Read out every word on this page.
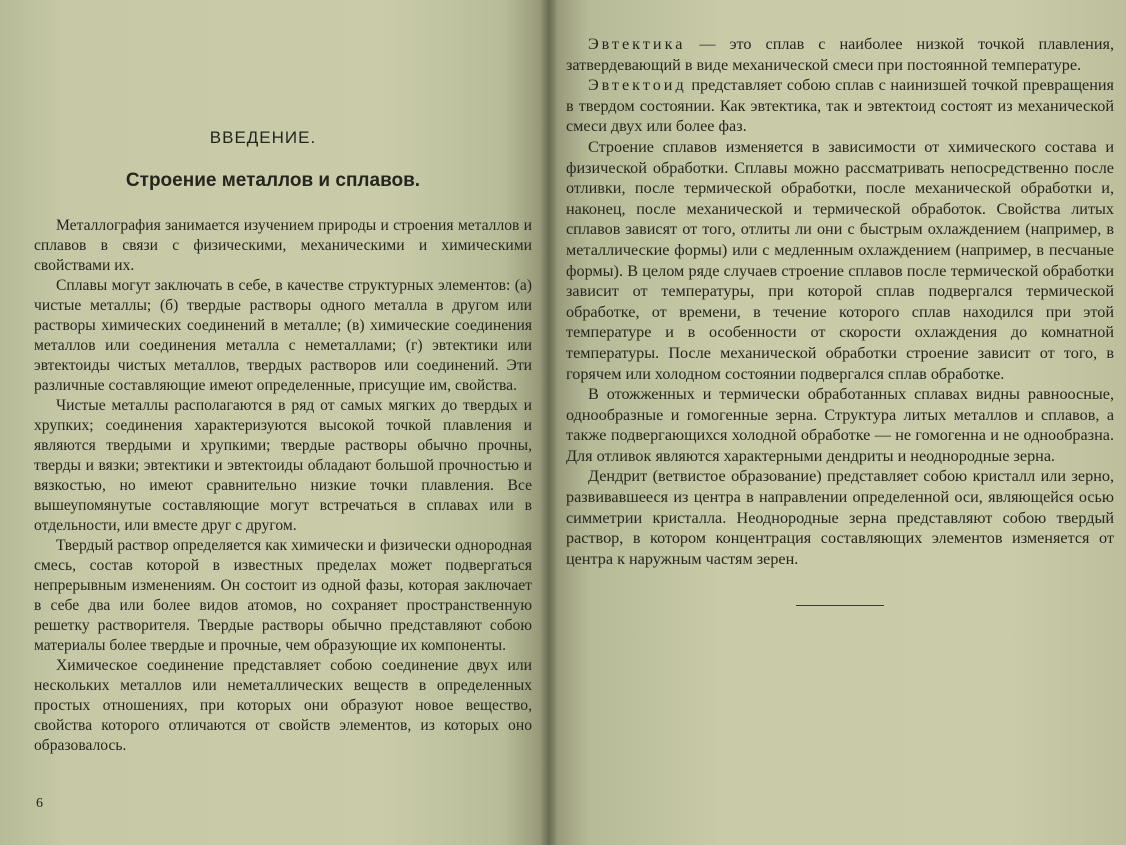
ВВЕДЕНИЕ.
Строение металлов и сплавов.

Металлография занимается изучением природы и строения металлов и сплавов в связи с физическими, механическими и химическими свойствами их.

Сплавы могут заключать в себе, в качестве структурных элементов: (а) чистые металлы; (б) твердые растворы одного металла в другом или растворы химических соединений в металле; (в) химические соединения металлов или соединения металла с неметаллами; (г) эвтектики или эвтектоиды чистых металлов, твердых растворов или соединений. Эти различные составляющие имеют определенные, присущие им, свойства.

Чистые металлы располагаются в ряд от самых мягких до твердых и хрупких; соединения характеризуются высокой точкой плавления и являются твердыми и хрупкими; твердые растворы обычно прочны, тверды и вязки; эвтектики и эвтектоиды обладают большой прочностью и вязкостью, но имеют сравнительно низкие точки плавления. Все вышеупомянутые составляющие могут встречаться в сплавах или в отдельности, или вместе друг с другом.

Твердый раствор определяется как химически и физически однородная смесь, состав которой в известных пределах может подвергаться непрерывным изменениям. Он состоит из одной фазы, которая заключает в себе два или более видов атомов, но сохраняет пространственную решетку растворителя. Твердые растворы обычно представляют собою материалы более твердые и прочные, чем образующие их компоненты.

Химическое соединение представляет собою соединение двух или нескольких металлов или неметаллических веществ в определенных простых отношениях, при которых они образуют новое вещество, свойства которого отличаются от свойств элементов, из которых оно образовалось.

6

Эвтектика — это сплав с наиболее низкой точкой плавления, затвердевающий в виде механической смеси при постоянной температуре.

Эвтектоид представляет собою сплав с наинизшей точкой превращения в твердом состоянии. Как эвтектика, так и эвтектоид состоят из механической смеси двух или более фаз.

Строение сплавов изменяется в зависимости от химического состава и физической обработки. Сплавы можно рассматривать непосредственно после отливки, после термической обработки, после механической обработки и, наконец, после механической и термической обработок. Свойства литых сплавов зависят от того, отлиты ли они с быстрым охлаждением (например, в металлические формы) или с медленным охлаждением (например, в песчаные формы). В целом ряде случаев строение сплавов после термической обработки зависит от температуры, при которой сплав подвергался термической обработке, от времени, в течение которого сплав находился при этой температуре и в особенности от скорости охлаждения до комнатной температуры. После механической обработки строение зависит от того, в горячем или холодном состоянии подвергался сплав обработке.

В отожженных и термически обработанных сплавах видны равноосные, однообразные и гомогенные зерна. Структура литых металлов и сплавов, а также подвергающихся холодной обработке — не гомогенна и не однообразна. Для отливок являются характерными дендриты и неоднородные зерна.

Дендрит (ветвистое образование) представляет собою кристалл или зерно, развивавшееся из центра в направлении определенной оси, являющейся осью симметрии кристалла. Неоднородные зерна представляют собою твердый раствор, в котором концентрация составляющих элементов изменяется от центра к наружным частям зерен.
